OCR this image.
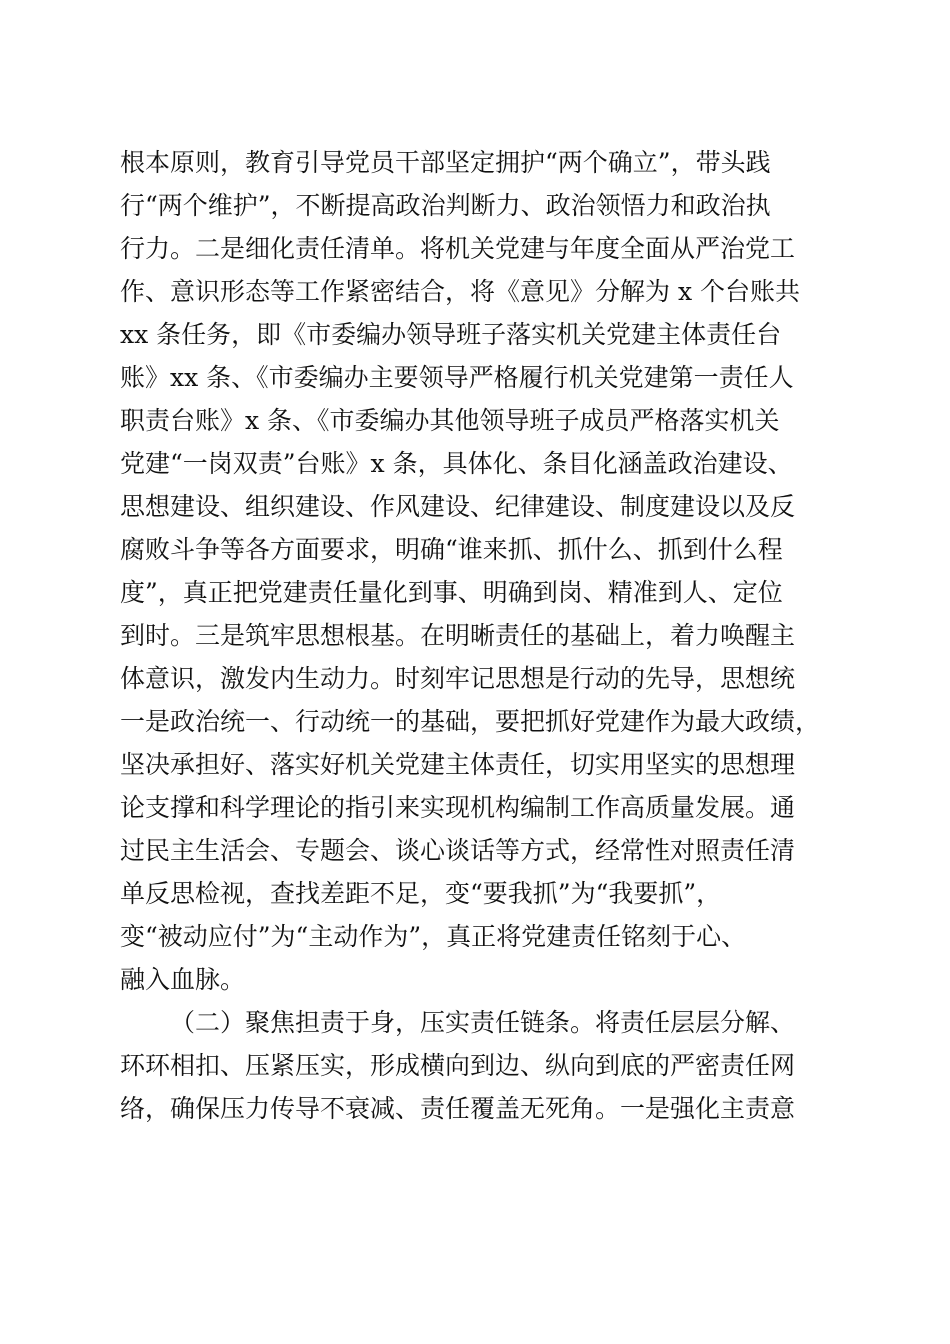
根本原则，教育引导党员干部坚定拥护“两个确立”，带头践
行“两个维护”，不断提高政治判断力、政治领悟力和政治执
行力。二是细化责任清单。将机关党建与年度全面从严治党工
作、意识形态等工作紧密结合，将《意见》分解为 x 个台账共
xx 条任务，即《市委编办领导班子落实机关党建主体责任台
账》xx 条、《市委编办主要领导严格履行机关党建第一责任人
职责台账》x 条、《市委编办其他领导班子成员严格落实机关
党建“一岗双责”台账》x 条，具体化、条目化涵盖政治建设、
思想建设、组织建设、作风建设、纪律建设、制度建设以及反
腐败斗争等各方面要求，明确“谁来抓、抓什么、抓到什么程
度”，真正把党建责任量化到事、明确到岗、精准到人、定位
到时。三是筑牢思想根基。在明晰责任的基础上，着力唤醒主
体意识，激发内生动力。时刻牢记思想是行动的先导，思想统
一是政治统一、行动统一的基础，要把抓好党建作为最大政绩，
坚决承担好、落实好机关党建主体责任，切实用坚实的思想理
论支撑和科学理论的指引来实现机构编制工作高质量发展。通
过民主生活会、专题会、谈心谈话等方式，经常性对照责任清
单反思检视，查找差距不足，变“要我抓”为“我要抓”，
变“被动应付”为“主动作为”，真正将党建责任铭刻于心、
融入血脉。
（二）聚焦担责于身，压实责任链条。将责任层层分解、
环环相扣、压紧压实，形成横向到边、纵向到底的严密责任网
络，确保压力传导不衰减、责任覆盖无死角。一是强化主责意
